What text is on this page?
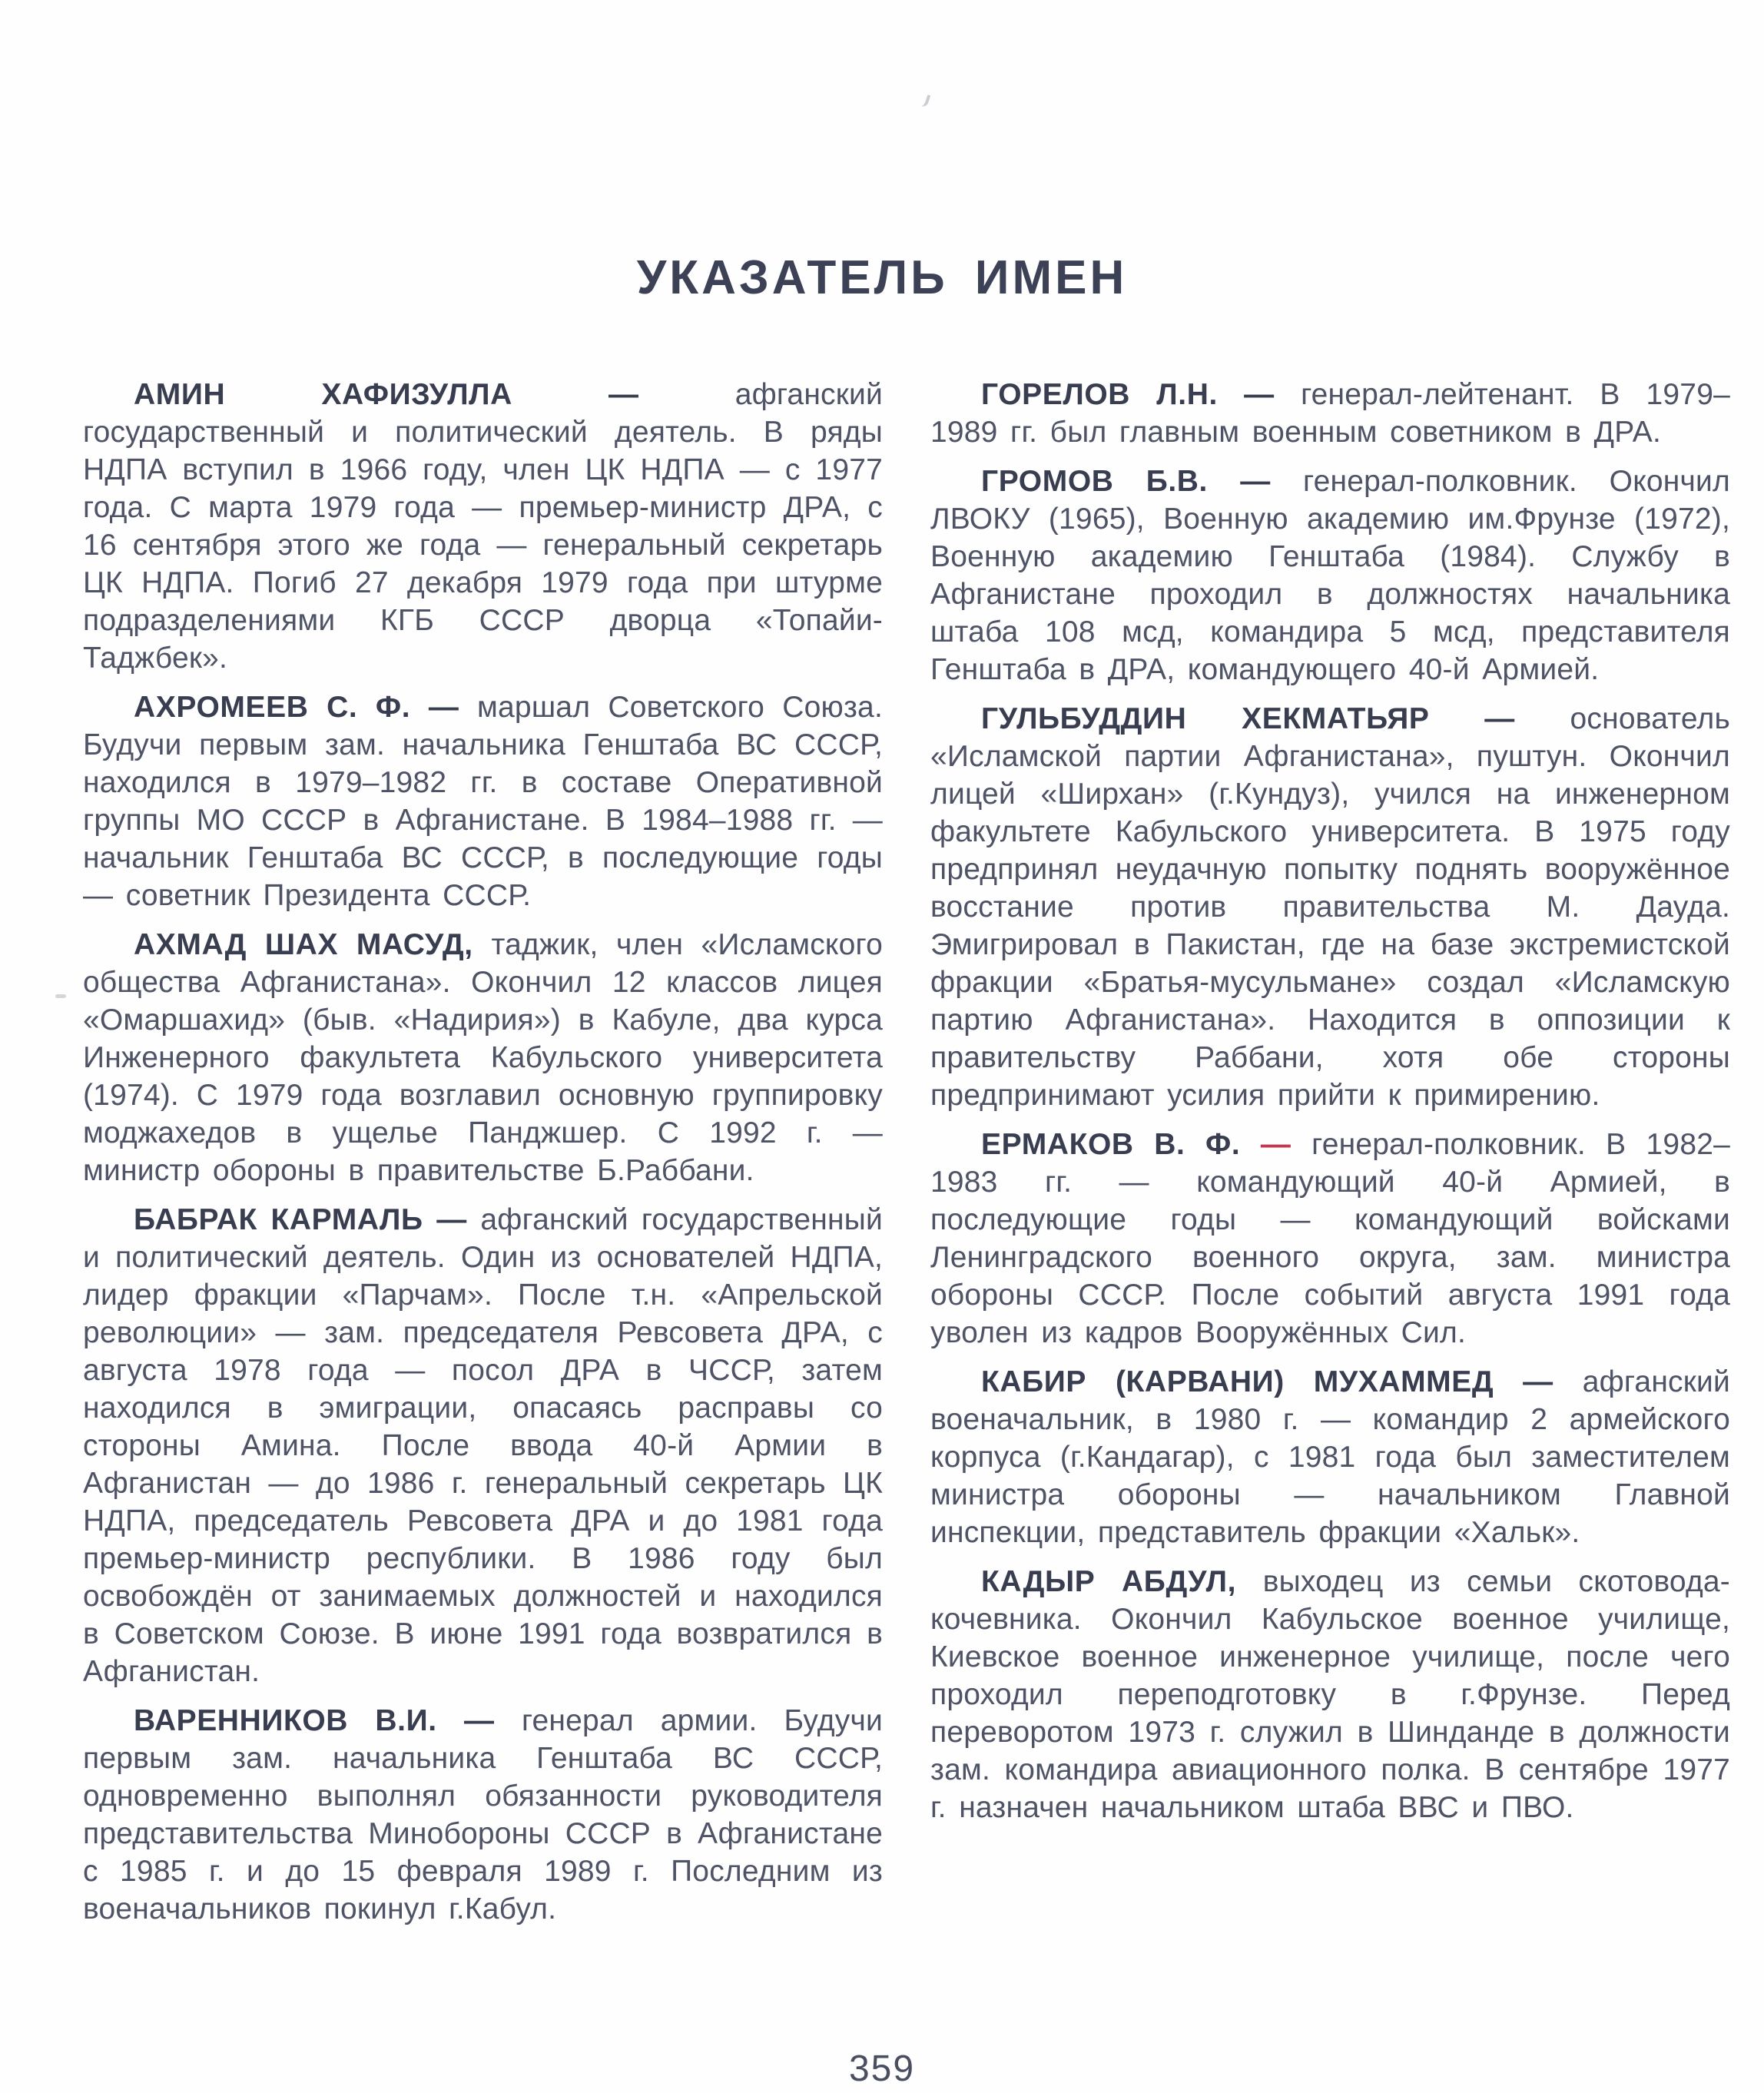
УКАЗАТЕЛЬ ИМЕН

АМИН ХАФИЗУЛЛА — афганский государственный и политический деятель. В ряды НДПА вступил в 1966 году, член ЦК НДПА — с 1977 года. С марта 1979 года — премьер-министр ДРА, с 16 сентября этого же года — генеральный секретарь ЦК НДПА. Погиб 27 декабря 1979 года при штурме подразделениями КГБ СССР дворца «Топайи-Таджбек».

АХРОМЕЕВ С. Ф. — маршал Советского Союза. Будучи первым зам. начальника Генштаба ВС СССР, находился в 1979–1982 гг. в составе Оперативной группы МО СССР в Афганистане. В 1984–1988 гг. — начальник Генштаба ВС СССР, в последующие годы — советник Президента СССР.

АХМАД ШАХ МАСУД, таджик, член «Исламского общества Афганистана». Окончил 12 классов лицея «Омаршахид» (быв. «Надирия») в Кабуле, два курса Инженерного факультета Кабульского университета (1974). С 1979 года возглавил основную группировку моджахедов в ущелье Панджшер. С 1992 г. — министр обороны в правительстве Б.Раббани.

БАБРАК КАРМАЛЬ — афганский государственный и политический деятель. Один из основателей НДПА, лидер фракции «Парчам». После т.н. «Апрельской революции» — зам. председателя Ревсовета ДРА, с августа 1978 года — посол ДРА в ЧССР, затем находился в эмиграции, опасаясь расправы со стороны Амина. После ввода 40-й Армии в Афганистан — до 1986 г. генеральный секретарь ЦК НДПА, председатель Ревсовета ДРА и до 1981 года премьер-министр республики. В 1986 году был освобождён от занимаемых должностей и находился в Советском Союзе. В июне 1991 года возвратился в Афганистан.

ВАРЕННИКОВ В.И. — генерал армии. Будучи первым зам. начальника Генштаба ВС СССР, одновременно выполнял обязанности руководителя представительства Минобороны СССР в Афганистане с 1985 г. и до 15 февраля 1989 г. Последним из военачальников покинул г.Кабул.

ГОРЕЛОВ Л.Н. — генерал-лейтенант. В 1979–1989 гг. был главным военным советником в ДРА.

ГРОМОВ Б.В. — генерал-полковник. Окончил ЛВОКУ (1965), Военную академию им.Фрунзе (1972), Военную академию Генштаба (1984). Службу в Афганистане проходил в должностях начальника штаба 108 мсд, командира 5 мсд, представителя Генштаба в ДРА, командующего 40-й Армией.

ГУЛЬБУДДИН ХЕКМАТЬЯР — основатель «Исламской партии Афганистана», пуштун. Окончил лицей «Ширхан» (г.Кундуз), учился на инженерном факультете Кабульского университета. В 1975 году предпринял неудачную попытку поднять вооружённое восстание против правительства М. Дауда. Эмигрировал в Пакистан, где на базе экстремистской фракции «Братья-мусульмане» создал «Исламскую партию Афганистана». Находится в оппозиции к правительству Раббани, хотя обе стороны предпринимают усилия прийти к примирению.

ЕРМАКОВ В. Ф. — генерал-полковник. В 1982–1983 гг. — командующий 40-й Армией, в последующие годы — командующий войсками Ленинградского военного округа, зам. министра обороны СССР. После событий августа 1991 года уволен из кадров Вооружённых Сил.

КАБИР (КАРВАНИ) МУХАММЕД — афганский военачальник, в 1980 г. — командир 2 армейского корпуса (г.Кандагар), с 1981 года был заместителем министра обороны — начальником Главной инспекции, представитель фракции «Хальк».

КАДЫР АБДУЛ, выходец из семьи скотовода-кочевника. Окончил Кабульское военное училище, Киевское военное инженерное училище, после чего проходил переподготовку в г.Фрунзе. Перед переворотом 1973 г. служил в Шинданде в должности зам. командира авиационного полка. В сентябре 1977 г. назначен начальником штаба ВВС и ПВО.

359
